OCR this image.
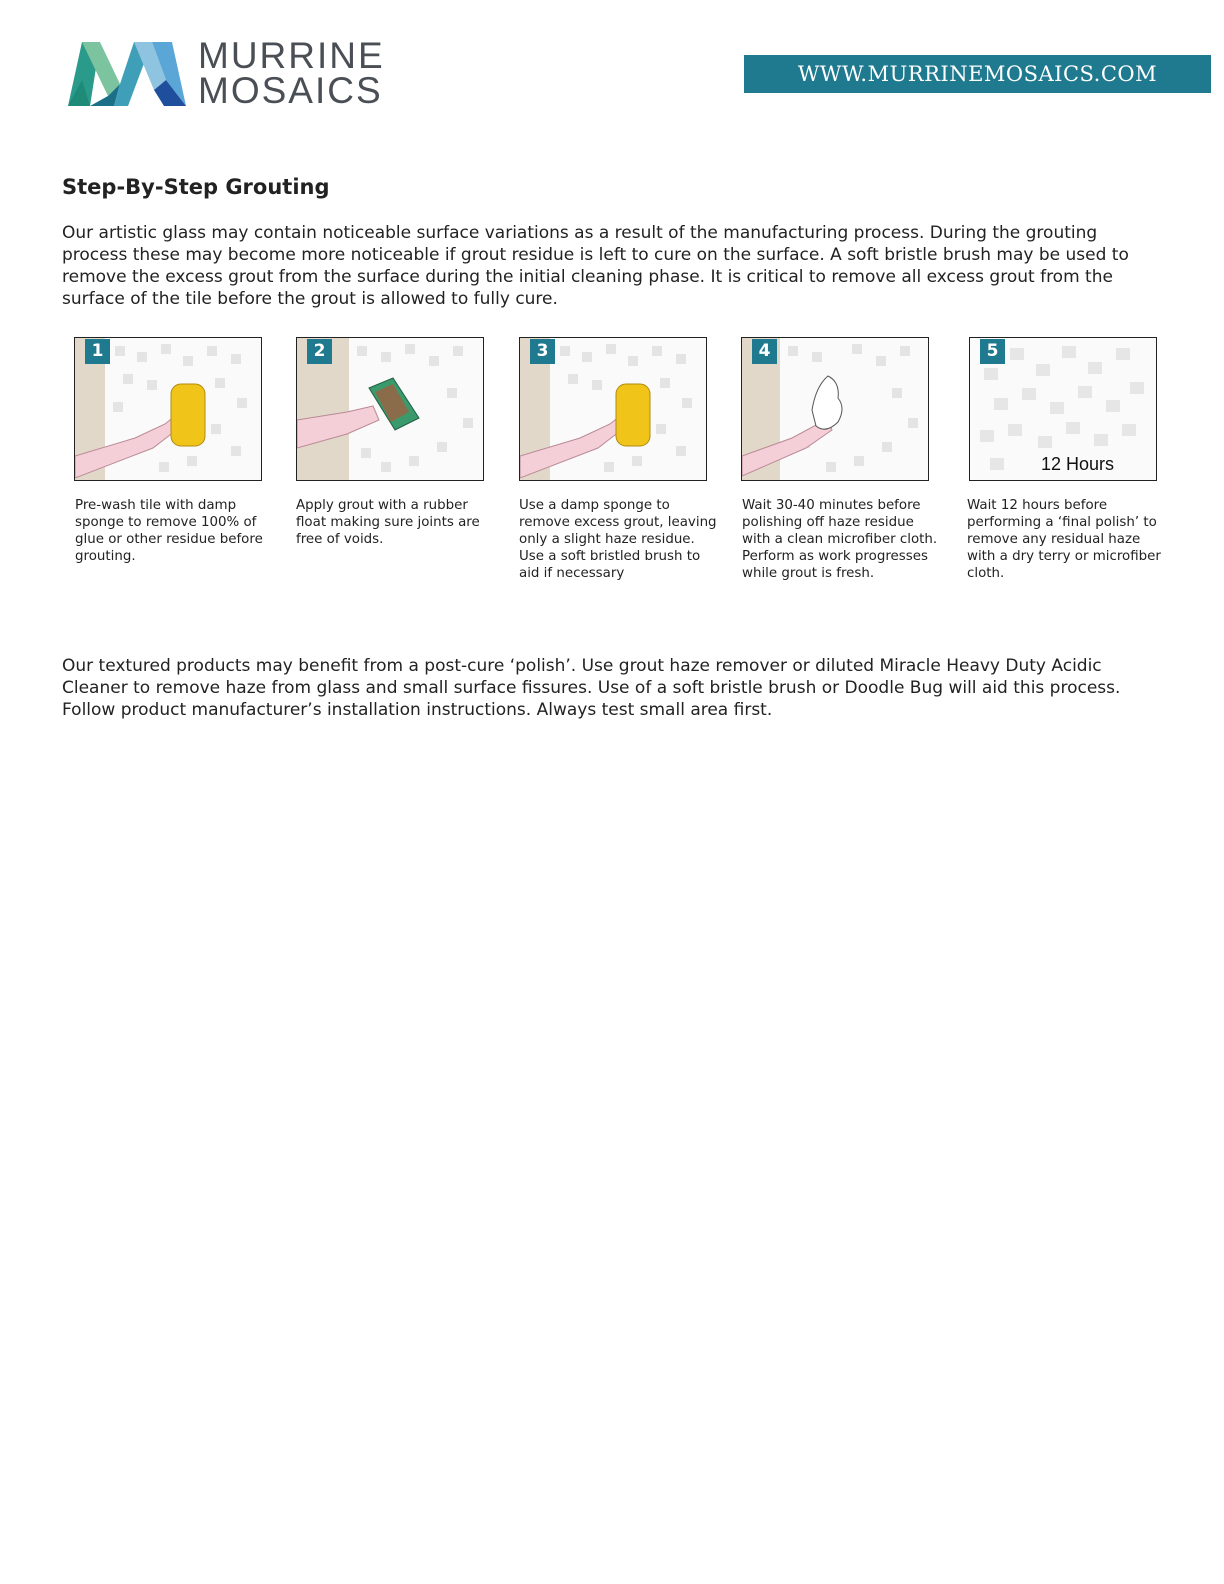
MURRINE
MOSAICS	WWW.MURRINEMOSAICS.COM
Step-By-Step Grouting

Our artistic glass may contain noticeable surface variations as a result of the manufacturing process. During the grouting process these may become more noticeable if grout residue is left to cure on the surface. A soft bristle brush may be used to remove the excess grout from the surface during the initial cleaning phase. It is critical to remove all excess grout from the surface of the tile before the grout is allowed to fully cure.

1	2	3	4	5
12 Hours

Pre-wash tile with damp sponge to remove 100% of glue or other residue before grouting.

Apply grout with a rubber float making sure joints are free of voids.

Use a damp sponge to remove excess grout, leaving only a slight haze residue. Use a soft bristled brush to aid if necessary

Wait 30-40 minutes before polishing off haze residue with a clean microfiber cloth. Perform as work progresses while grout is fresh.

Wait 12 hours before performing a ‘final polish’ to remove any residual haze with a dry terry or microfiber cloth.

Our textured products may benefit from a post-cure ‘polish’. Use grout haze remover or diluted Miracle Heavy Duty Acidic Cleaner to remove haze from glass and small surface fissures. Use of a soft bristle brush or Doodle Bug will aid this process. Follow product manufacturer’s installation instructions. Always test small area first.
